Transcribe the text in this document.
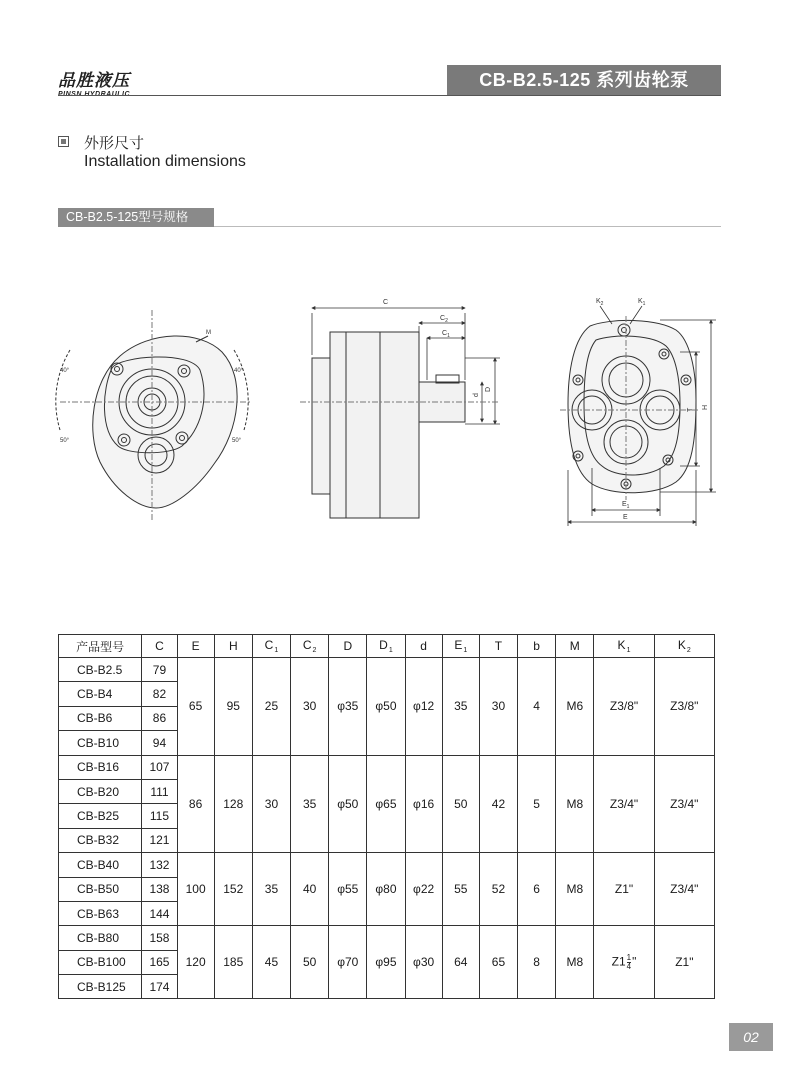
品胜液压	CB-B2.5-125 系列齿轮泵
外形尺寸
Installation dimensions
CB-B2.5-125型号规格
M
40°	40°
50°	50°
C
$C_2$
$C_1$
d
D
$K_2$	$K_1$
T H
$E_1$
E
产品型号	C	E	H	$C_1$	$C_2$	D	$D_1$	d	$E_1$	T	b	M	$K_1$	$K_2$
CB-B2.5	79	65	95	25	30	φ35	φ50	φ12	35	30	4	M6	Z3/8"	Z3/8"
CB-B4	82													
CB-B6	86													
CB-B10	94													
CB-B16	107	86	128	30	35	φ50	φ65	φ16	50	42	5	M8	Z3/4"	Z3/4"
CB-B20	111													
CB-B25	115													
CB-B32	121													
CB-B40	132	100	152	35	40	φ55	φ80	φ22	55	52	6	M8	Z1"	Z3/4"
CB-B50	138													
CB-B63	144													
CB-B80	158	120	185	45	50	φ70	φ95	φ30	64	65	8	M8	$Z1 \frac{1}{4}$ "	Z1"
CB-B100	165													
CB-B125	174													
02
